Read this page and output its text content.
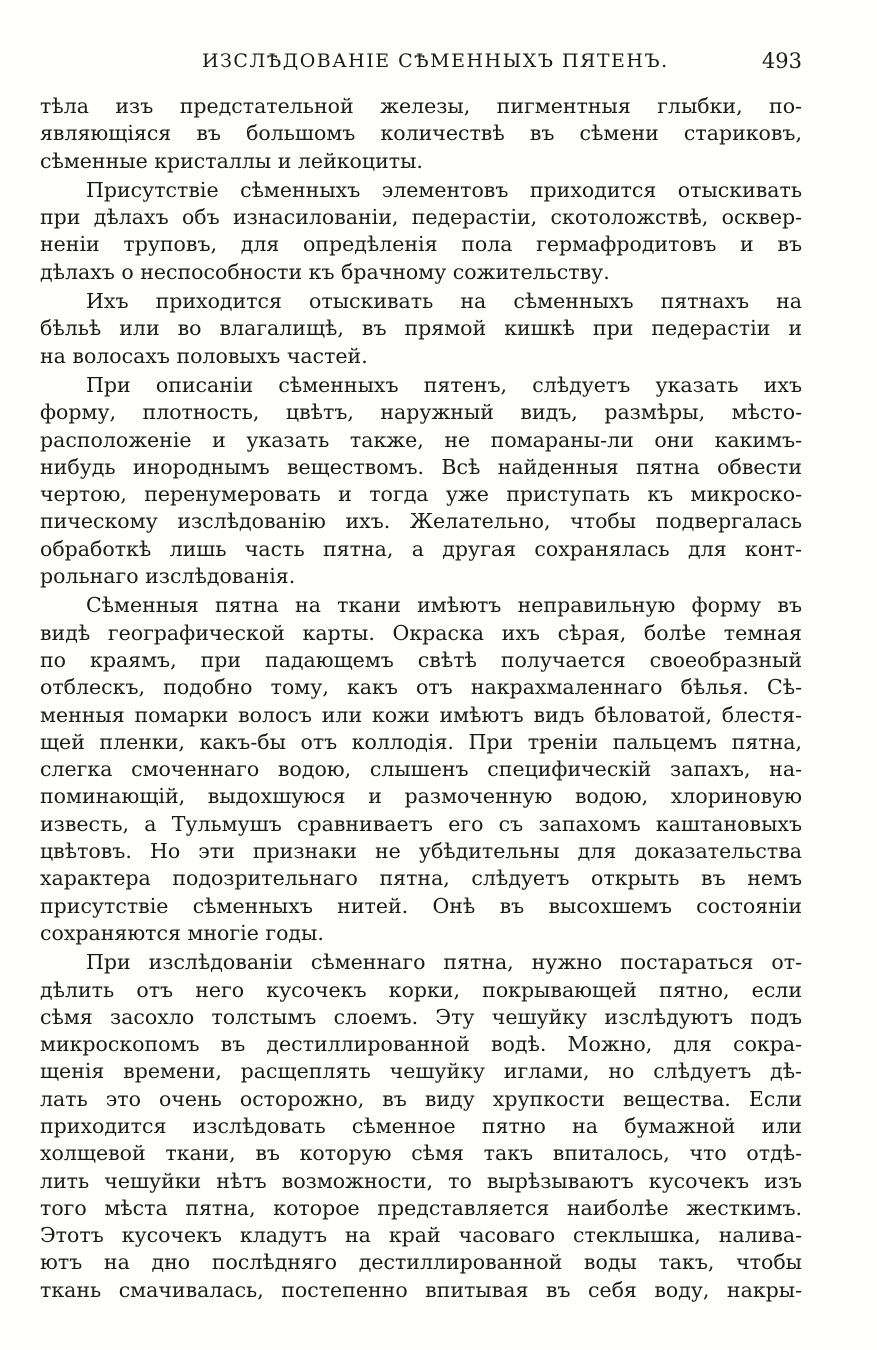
ИЗСЛѢДОВАНІЕ СѢМЕННЫХЪ ПЯТЕНЪ.	493
тѣла изъ предстательной железы, пигментныя глыбки, по-
являющіяся въ большомъ количествѣ въ сѣмени стариковъ,
сѣменные кристаллы и лейкоциты.
Присутствіе сѣменныхъ элементовъ приходится отыскивать
при дѣлахъ объ изнасилованіи, педерастіи, скотоложствѣ, осквер-
неніи труповъ, для опредѣленія пола гермафродитовъ и въ
дѣлахъ о неспособности къ брачному сожительству.
Ихъ приходится отыскивать на сѣменныхъ пятнахъ на
бѣльѣ или во влагалищѣ, въ прямой кишкѣ при педерастіи и
на волосахъ половыхъ частей.
При описаніи сѣменныхъ пятенъ, слѣдуетъ указать ихъ
форму, плотность, цвѣтъ, наружный видъ, размѣры, мѣсто-
расположеніе и указать также, не помараны-ли они какимъ-
нибудь инороднымъ веществомъ. Всѣ найденныя пятна обвести
чертою, перенумеровать и тогда уже приступать къ микроско-
пическому изслѣдованію ихъ. Желательно, чтобы подвергалась
обработкѣ лишь часть пятна, а другая сохранялась для конт-
рольнаго изслѣдованія.
Сѣменныя пятна на ткани имѣютъ неправильную форму въ
видѣ географической карты. Окраска ихъ сѣрая, болѣе темная
по краямъ, при падающемъ свѣтѣ получается своеобразный
отблескъ, подобно тому, какъ отъ накрахмаленнаго бѣлья. Сѣ-
менныя помарки волосъ или кожи имѣютъ видъ бѣловатой, блестя-
щей пленки, какъ-бы отъ коллодія. При треніи пальцемъ пятна,
слегка смоченнаго водою, слышенъ специфическій запахъ, на-
поминающій, выдохшуюся и размоченную водою, хлориновую
известь, а Тульмушъ сравниваетъ его съ запахомъ каштановыхъ
цвѣтовъ. Но эти признаки не убѣдительны для доказательства
характера подозрительнаго пятна, слѣдуетъ открыть въ немъ
присутствіе сѣменныхъ нитей. Онѣ въ высохшемъ состояніи
сохраняются многіе годы.
При изслѣдованіи сѣменнаго пятна, нужно постараться от-
дѣлить отъ него кусочекъ корки, покрывающей пятно, если
сѣмя засохло толстымъ слоемъ. Эту чешуйку изслѣдуютъ подъ
микроскопомъ въ дестиллированной водѣ. Можно, для сокра-
щенія времени, расщеплять чешуйку иглами, но слѣдуетъ дѣ-
лать это очень осторожно, въ виду хрупкости вещества. Если
приходится изслѣдовать сѣменное пятно на бумажной или
холщевой ткани, въ которую сѣмя такъ впиталось, что отдѣ-
лить чешуйки нѣтъ возможности, то вырѣзываютъ кусочекъ изъ
того мѣста пятна, которое представляется наиболѣе жесткимъ.
Этотъ кусочекъ кладутъ на край часоваго стеклышка, налива-
ютъ на дно послѣдняго дестиллированной воды такъ, чтобы
ткань смачивалась, постепенно впитывая въ себя воду, накры-
